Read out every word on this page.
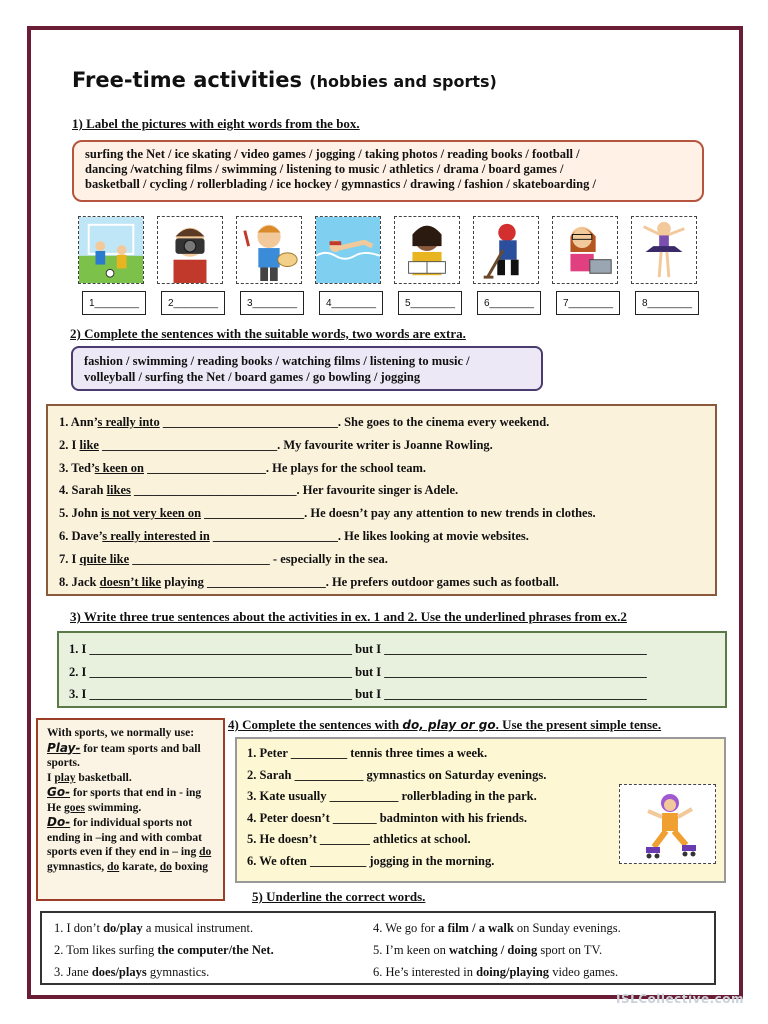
Free-time activities (hobbies and sports)
1) Label the pictures with eight words from the box.
surfing the Net / ice skating / video games / jogging / taking photos / reading books / football /
dancing /watching films / swimming / listening to music / athletics / drama / board games /
basketball / cycling / rollerblading / ice hockey / gymnastics / drawing / fashion / skateboarding /
1________	2________	3________	4________	5________	6________	7________	8________
2) Complete the sentences with the suitable words, two words are extra.
fashion / swimming / reading books / watching films / listening to music /
volleyball / surfing the Net / board games / go bowling / jogging
1. Ann’s really into ____________________________. She goes to the cinema every weekend.
2. I like ____________________________. My favourite writer is Joanne Rowling.
3. Ted’s keen on ___________________. He plays for the school team.
4. Sarah likes __________________________. Her favourite singer is Adele.
5. John is not very keen on ________________. He doesn’t pay any attention to new trends in clothes.
6. Dave’s really interested in ____________________. He likes looking at movie websites.
7. I quite like ______________________ - especially in the sea.
8. Jack doesn’t like playing ___________________. He prefers outdoor games such as football.
3) Write three true sentences about the activities in ex. 1 and 2. Use the underlined phrases from ex.2
1. I __________________________________________ but I __________________________________________
2. I __________________________________________ but I __________________________________________
3. I __________________________________________ but I __________________________________________
With sports, we normally use:
Play- for team sports and ball sports.
I play basketball.
Go- for sports that end in - ing He goes swimming.
Do- for individual sports not ending in –ing and with combat sports even if they end in – ing do gymnastics, do karate, do boxing
4) Complete the sentences with do, play or go. Use the present simple tense.
1. Peter _________ tennis three times a week.
2. Sarah ___________ gymnastics on Saturday evenings.
3. Kate usually ___________ rollerblading in the park.
4. Peter doesn’t _______ badminton with his friends.
5. He doesn’t ________ athletics at school.
6. We often _________ jogging in the morning.
5) Underline the correct words.
1. I don’t do/play a musical instrument.
2. Tom likes surfing the computer/the Net.
3. Jane does/plays gymnastics.
4. We go for a film / a walk on Sunday evenings.
5. I’m keen on watching / doing sport on TV.
6. He’s interested in doing/playing video games.
ISLCollective.com
